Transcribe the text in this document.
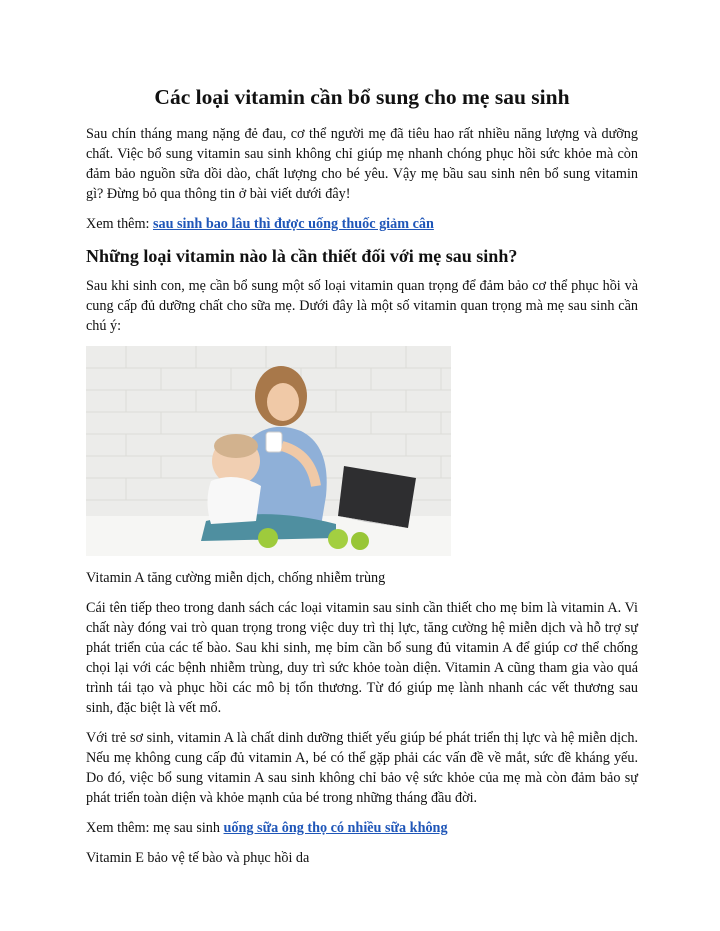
Các loại vitamin cần bổ sung cho mẹ sau sinh

Sau chín tháng mang nặng đẻ đau, cơ thể người mẹ đã tiêu hao rất nhiều năng lượng và dưỡng chất. Việc bổ sung vitamin sau sinh không chỉ giúp mẹ nhanh chóng phục hồi sức khỏe mà còn đảm bảo nguồn sữa dồi dào, chất lượng cho bé yêu. Vậy mẹ bầu sau sinh nên bổ sung vitamin gì? Đừng bỏ qua thông tin ở bài viết dưới đây!

Xem thêm: sau sinh bao lâu thì được uống thuốc giảm cân

Những loại vitamin nào là cần thiết đối với mẹ sau sinh?

Sau khi sinh con, mẹ cần bổ sung một số loại vitamin quan trọng để đảm bảo cơ thể phục hồi và cung cấp đủ dưỡng chất cho sữa mẹ. Dưới đây là một số vitamin quan trọng mà mẹ sau sinh cần chú ý:

Vitamin A tăng cường miễn dịch, chống nhiễm trùng

Cái tên tiếp theo trong danh sách các loại vitamin sau sinh cần thiết cho mẹ bỉm là vitamin A. Vi chất này đóng vai trò quan trọng trong việc duy trì thị lực, tăng cường hệ miễn dịch và hỗ trợ sự phát triển của các tế bào. Sau khi sinh, mẹ bỉm cần bổ sung đủ vitamin A để giúp cơ thể chống chọi lại với các bệnh nhiễm trùng, duy trì sức khỏe toàn diện. Vitamin A cũng tham gia vào quá trình tái tạo và phục hồi các mô bị tổn thương. Từ đó giúp mẹ lành nhanh các vết thương sau sinh, đặc biệt là vết mổ.

Với trẻ sơ sinh, vitamin A là chất dinh dưỡng thiết yếu giúp bé phát triển thị lực và hệ miễn dịch. Nếu mẹ không cung cấp đủ vitamin A, bé có thể gặp phải các vấn đề về mắt, sức đề kháng yếu. Do đó, việc bổ sung vitamin A sau sinh không chỉ bảo vệ sức khỏe của mẹ mà còn đảm bảo sự phát triển toàn diện và khỏe mạnh của bé trong những tháng đầu đời.

Xem thêm: mẹ sau sinh uống sữa ông thọ có nhiều sữa không

Vitamin E bảo vệ tế bào và phục hồi da
